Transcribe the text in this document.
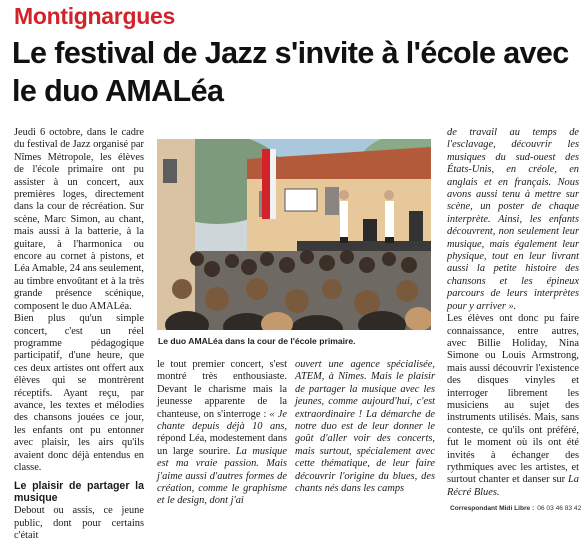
Montignargues
Le festival de Jazz s'invite à l'école avec le duo AMALéa

Jeudi 6 octobre, dans le cadre du festival de Jazz organisé par Nîmes Métropole, les élèves de l'école primaire ont pu assister à un concert, aux premières loges, directement dans la cour de récréation. Sur scène, Marc Simon, au chant, mais aussi à la batterie, à la guitare, à l'harmonica ou encore au cornet à pistons, et Léa Amable, 24 ans seulement, au timbre envoûtant et à la très grande présence scénique, composent le duo AMALéa.

Bien plus qu'un simple concert, c'est un réel programme pédagogique participatif, d'une heure, que ces deux artistes ont offert aux élèves qui se montrèrent réceptifs. Ayant reçu, par avance, les textes et mélodies des chansons jouées ce jour, les enfants ont pu entonner avec plaisir, les airs qu'ils avaient donc déjà entendus en classe.

Le plaisir de partager la musique

Debout ou assis, ce jeune public, dont pour certains c'était

Le duo AMALéa dans la cour de l'école primaire.

le tout premier concert, s'est montré très enthousiaste. Devant le charisme mais la jeunesse apparente de la chanteuse, on s'interroge : « Je chante depuis déjà 10 ans, répond Léa, modestement dans un large sourire. La musique est ma vraie passion. Mais j'aime aussi d'autres formes de création, comme le graphisme et le design, dont j'ai

ouvert une agence spécialisée, ATEM, à Nîmes. Mais le plaisir de partager la musique avec les jeunes, comme aujourd'hui, c'est extraordinaire ! La démarche de notre duo est de leur donner le goût d'aller voir des concerts, mais surtout, spécialement avec cette thématique, de leur faire découvrir l'origine du blues, des chants nés dans les camps

de travail au temps de l'esclavage, découvrir les musiques du sud-ouest des États-Unis, en créole, en anglais et en français. Nous avons aussi tenu à mettre sur scène, un poster de chaque interprète. Ainsi, les enfants découvrent, non seulement leur musique, mais également leur physique, tout en leur livrant aussi la petite histoire des chansons et les épineux parcours de leurs interprètes pour y arriver ».

Les élèves ont donc pu faire connaissance, entre autres, avec Billie Holiday, Nina Simone ou Louis Armstrong, mais aussi découvrir l'existence des disques vinyles et interroger librement les musiciens au sujet des instruments utilisés. Mais, sans conteste, ce qu'ils ont préféré, fut le moment où ils ont été invités à échanger des rythmiques avec les artistes, et surtout chanter et danser sur La Récré Blues.

Correspondant Midi Libre : 06 03 46 83 42
